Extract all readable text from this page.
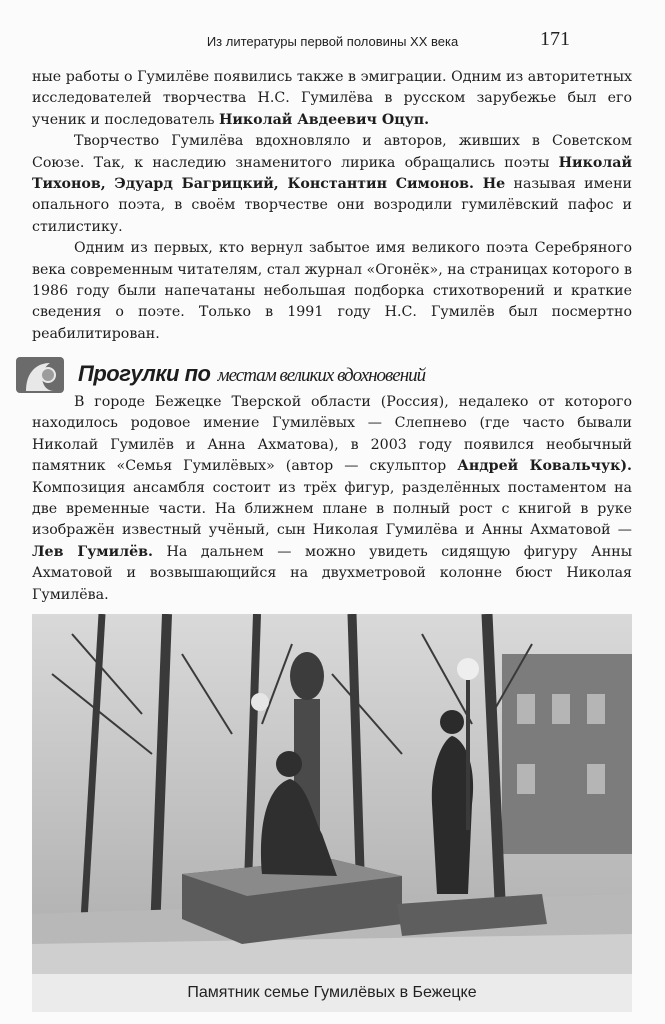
Из литературы первой половины XX века	171

ные работы о Гумилёве появились также в эмиграции. Одним из авторитетных исследователей творчества Н.С. Гумилёва в русском зарубежье был его ученик и последователь Николай Авдеевич Оцуп.

Творчество Гумилёва вдохновляло и авторов, живших в Советском Союзе. Так, к наследию знаменитого лирика обращались поэты Николай Тихонов, Эдуард Багрицкий, Константин Симонов. Не называя имени опального поэта, в своём творчестве они возродили гумилёвский пафос и стилистику.

Одним из первых, кто вернул забытое имя великого поэта Серебряного века современным читателям, стал журнал «Огонёк», на страницах которого в 1986 году были напечатаны небольшая подборка стихотворений и краткие сведения о поэте. Только в 1991 году Н.С. Гумилёв был посмертно реабилитирован.

Прогулки по местам великих вдохновений

В городе Бежецке Тверской области (Россия), недалеко от которого находилось родовое имение Гумилёвых — Слепнево (где часто бывали Николай Гумилёв и Анна Ахматова), в 2003 году появился необычный памятник «Семья Гумилёвых» (автор — скульптор Андрей Ковальчук). Композиция ансамбля состоит из трёх фигур, разделённых постаментом на две временные части. На ближнем плане в полный рост с книгой в руке изображён известный учёный, сын Николая Гумилёва и Анны Ахматовой — Лев Гумилёв. На дальнем — можно увидеть сидящую фигуру Анны Ахматовой и возвышающийся на двухметровой колонне бюст Николая Гумилёва.

Памятник семье Гумилёвых в Бежецке
